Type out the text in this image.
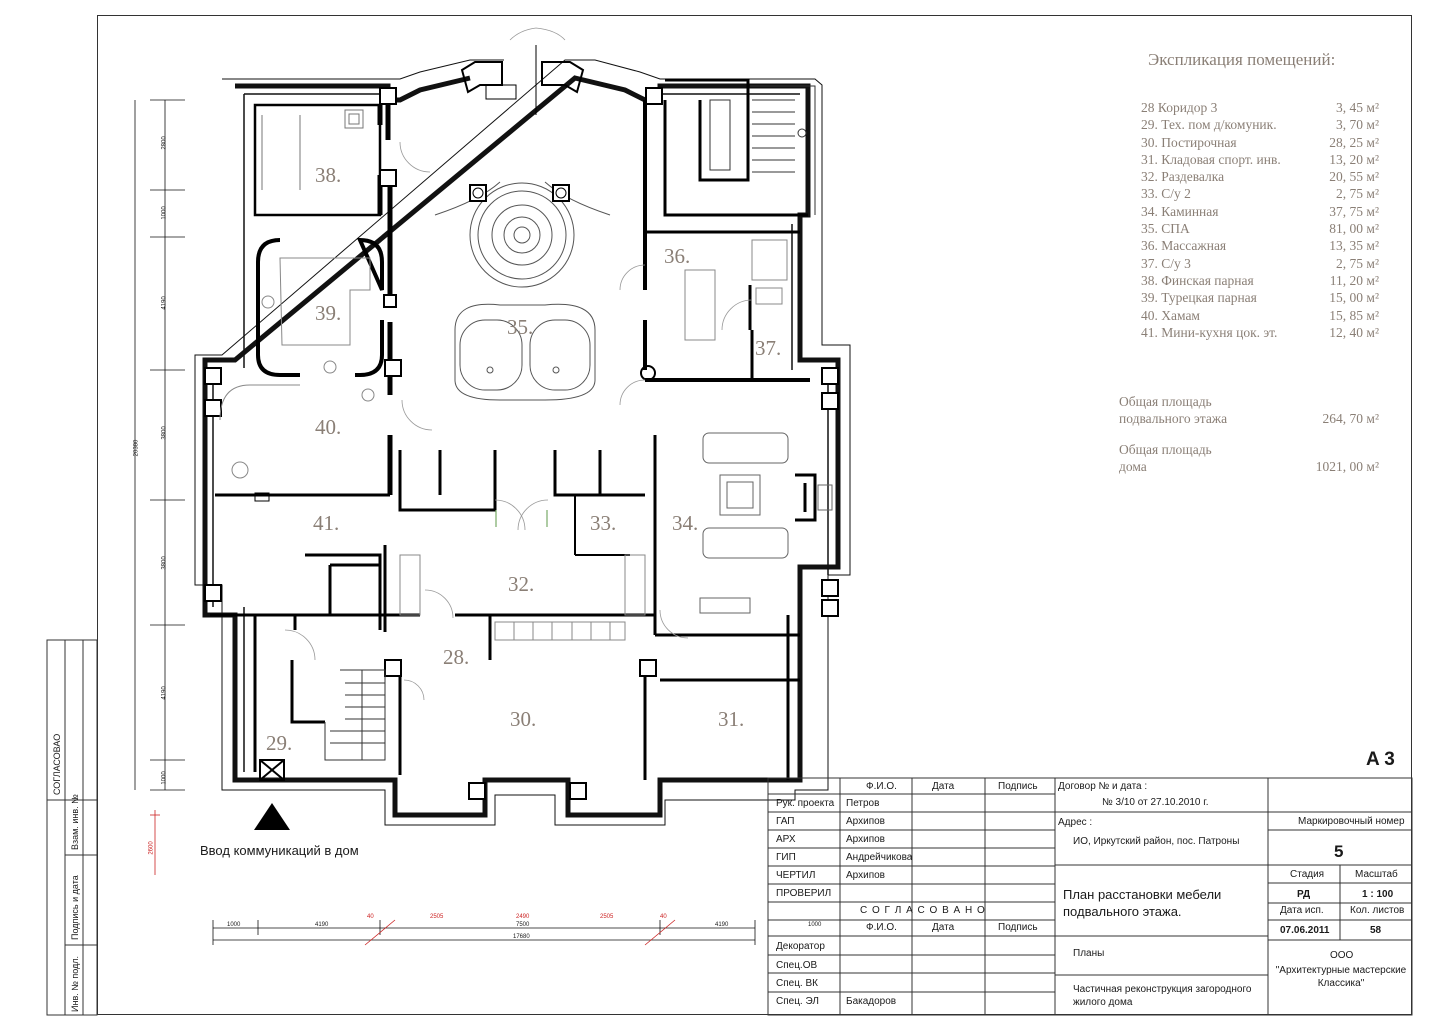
38.
39.
40.
41.
35.
36.
37.
34.
33.
32.
28.
30.	31.
29.
Экспликация помещений:
28 Коридор 3	3, 45 м²
29. Тех. пом д/комуник.	3, 70 м²
30. Постирочная	28, 25 м²
31. Кладовая спорт. инв.	13, 20 м²
32. Раздевалка	20, 55 м²
33. С/у 2	2, 75 м²
34. Каминная	37, 75 м²
35. СПА	81, 00 м²
36. Массажная	13, 35 м²
37. С/у 3	2, 75 м²
38. Финская парная	11, 20 м²
39. Турецкая парная	15, 00 м²
40. Хамам	15, 85 м²
41. Мини-кухня цок. эт.	12, 40 м²
Общая площадь
подвального этажа	264, 70 м²
Общая площадь
дома	1021, 00 м²
A 3
Ввод коммуникаций в дом
2800
1000
4190
3800
20380
3800
4190
1000
2600
1000	4190
40	2505	2490	2505	40
4190	1000
7500
17680
СОГЛАСОВАО
Взам. инв. №
Подпись и дата
Инв. № подл.
Ф.И.О.	Дата	Подпись
Рук. проекта Петров
ГАП	Архипов
АРХ	Архипов
ГИП	Андрейчикова
ЧЕРТИЛ	Архипов
ПРОВЕРИЛ
С О Г Л А С О В А Н О
Ф.И.О.	Дата	Подпись
Декоратор
Спец.ОВ
Спец. ВК
Спец. ЭЛ	Бакадоров
Договор № и дата :
№ 3/10 от 27.10.2010 г.
Адрес :
ИО, Иркутский район, пос. Патроны
Маркировочный номер
5
Стадия	Масштаб
РД	1 : 100
Дата исп.	Кол. листов
07.06.2011	58
План расстановки мебели подвального этажа.
Планы
Частичная реконструкция загородного жилого дома
ООО
"Архитектурные мастерские Классика"
